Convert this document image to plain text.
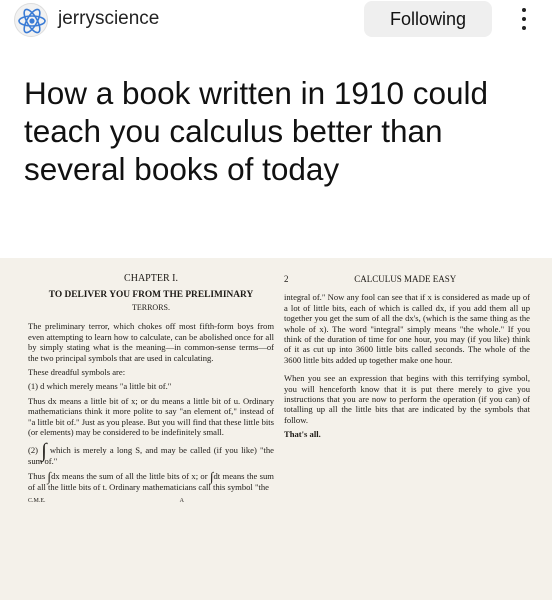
jerryscience	Following
How a book written in 1910 could teach you calculus better than several books of today
CHAPTER I.
TO DELIVER YOU FROM THE PRELIMINARY
TERRORS.

The preliminary terror, which chokes off most fifth-form boys from even attempting to learn how to calculate, can be abolished once for all by simply stating what is the meaning—in common-sense terms—of the two principal symbols that are used in calculating.

These dreadful symbols are:

(1) d which merely means "a little bit of."

Thus dx means a little bit of x; or du means a little bit of u. Ordinary mathematicians think it more polite to say "an element of," instead of "a little bit of." Just as you please. But you will find that these little bits (or elements) may be considered to be indefinitely small.

(2) ∫ which is merely a long S, and may be called (if you like) "the sum of."

Thus ∫dx means the sum of all the little bits of x; or ∫dt means the sum of all the little bits of t. Ordinary mathematicians call this symbol "the

C.M.E.	A
2	CALCULUS MADE EASY

integral of." Now any fool can see that if x is considered as made up of a lot of little bits, each of which is called dx, if you add them all up together you get the sum of all the dx's, (which is the same thing as the whole of x). The word "integral" simply means "the whole." If you think of the duration of time for one hour, you may (if you like) think of it as cut up into 3600 little bits called seconds. The whole of the 3600 little bits added up together make one hour.

When you see an expression that begins with this terrifying symbol, you will henceforth know that it is put there merely to give you instructions that you are now to perform the operation (if you can) of totalling up all the little bits that are indicated by the symbols that follow.

That's all.
